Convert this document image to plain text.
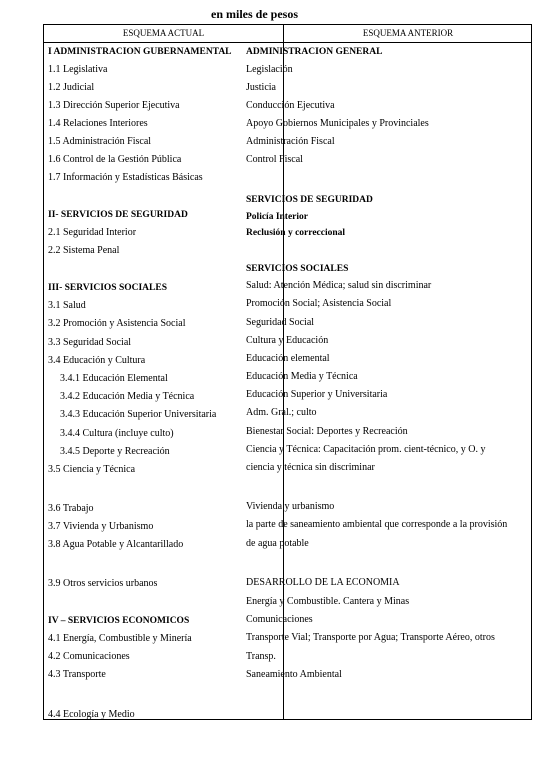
en miles de pesos
ESQUEMA ACTUAL	ESQUEMA ANTERIOR
I ADMINISTRACION GUBERNAMENTAL
1.1 Legislativa
1.2 Judicial
1.3 Dirección Superior Ejecutiva
1.4 Relaciones Interiores
1.5 Administración Fiscal
1.6 Control de la Gestión Pública
1.7 Información y Estadísticas Básicas
II- SERVICIOS DE SEGURIDAD
2.1 Seguridad Interior
2.2 Sistema Penal
III- SERVICIOS SOCIALES
3.1 Salud
3.2 Promoción y Asistencia Social
3.3 Seguridad Social
3.4 Educación y Cultura
3.4.1 Educación Elemental
3.4.2 Educación Media y Técnica
3.4.3 Educación Superior Universitaria
3.4.4 Cultura (incluye culto)
3.4.5 Deporte y Recreación
3.5 Ciencia y Técnica
3.6 Trabajo
3.7 Vivienda y Urbanismo
3.8 Agua Potable y Alcantarillado
3.9 Otros servicios urbanos
IV – SERVICIOS ECONOMICOS
4.1 Energía, Combustible y Minería
4.2 Comunicaciones
4.3 Transporte
4.4 Ecología y Medio
ADMINISTRACION GENERAL
Legislación
Justicia
Conducción Ejecutiva
Apoyo Gobiernos Municipales y Provinciales
Administración Fiscal
Control Fiscal
SERVICIOS DE SEGURIDAD
Policía Interior
Reclusión y correccional
SERVICIOS SOCIALES
Salud: Atención Médica; salud sin discriminar
Promoción Social; Asistencia Social
Seguridad Social
Cultura y Educación
Educación elemental
Educación Media y Técnica
Educación Superior y Universitaria
Adm. Gral.; culto
Bienestar Social: Deportes y Recreación
Ciencia y Técnica: Capacitación prom. cient-técnico, y O. y
ciencia y técnica sin discriminar
Vivienda y urbanismo
la parte de saneamiento ambiental que corresponde a la provisión
de agua potable
DESARROLLO DE LA ECONOMIA
Energía y Combustible. Cantera y Minas
Comunicaciones
Transporte Vial; Transporte por Agua; Transporte Aéreo, otros
Transp.
Saneamiento Ambiental
